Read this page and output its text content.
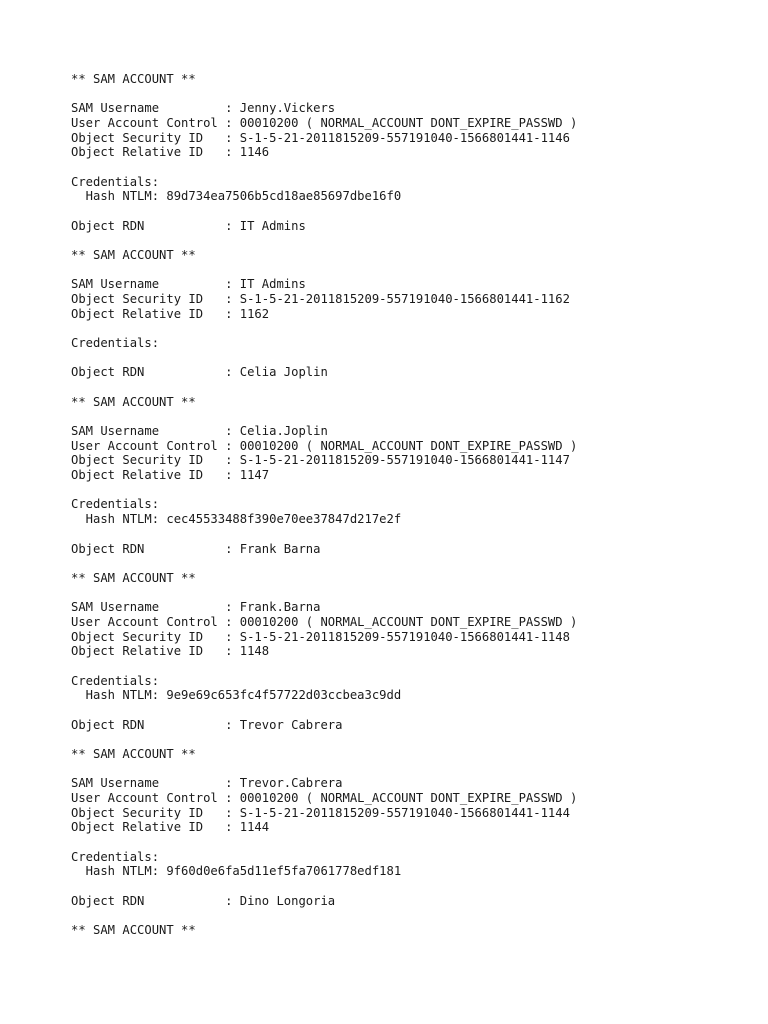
** SAM ACCOUNT **
SAM Username         : Jenny.Vickers
User Account Control : 00010200 ( NORMAL_ACCOUNT DONT_EXPIRE_PASSWD )
Object Security ID   : S-1-5-21-2011815209-557191040-1566801441-1146
Object Relative ID   : 1146
Credentials:
Hash NTLM: 89d734ea7506b5cd18ae85697dbe16f0
Object RDN           : IT Admins
** SAM ACCOUNT **
SAM Username         : IT Admins
Object Security ID   : S-1-5-21-2011815209-557191040-1566801441-1162
Object Relative ID   : 1162
Credentials:
Object RDN           : Celia Joplin
** SAM ACCOUNT **
SAM Username         : Celia.Joplin
User Account Control : 00010200 ( NORMAL_ACCOUNT DONT_EXPIRE_PASSWD )
Object Security ID   : S-1-5-21-2011815209-557191040-1566801441-1147
Object Relative ID   : 1147
Credentials:
Hash NTLM: cec45533488f390e70ee37847d217e2f
Object RDN           : Frank Barna
** SAM ACCOUNT **
SAM Username         : Frank.Barna
User Account Control : 00010200 ( NORMAL_ACCOUNT DONT_EXPIRE_PASSWD )
Object Security ID   : S-1-5-21-2011815209-557191040-1566801441-1148
Object Relative ID   : 1148
Credentials:
Hash NTLM: 9e9e69c653fc4f57722d03ccbea3c9dd
Object RDN           : Trevor Cabrera
** SAM ACCOUNT **
SAM Username         : Trevor.Cabrera
User Account Control : 00010200 ( NORMAL_ACCOUNT DONT_EXPIRE_PASSWD )
Object Security ID   : S-1-5-21-2011815209-557191040-1566801441-1144
Object Relative ID   : 1144
Credentials:
Hash NTLM: 9f60d0e6fa5d11ef5fa7061778edf181
Object RDN           : Dino Longoria
** SAM ACCOUNT **
